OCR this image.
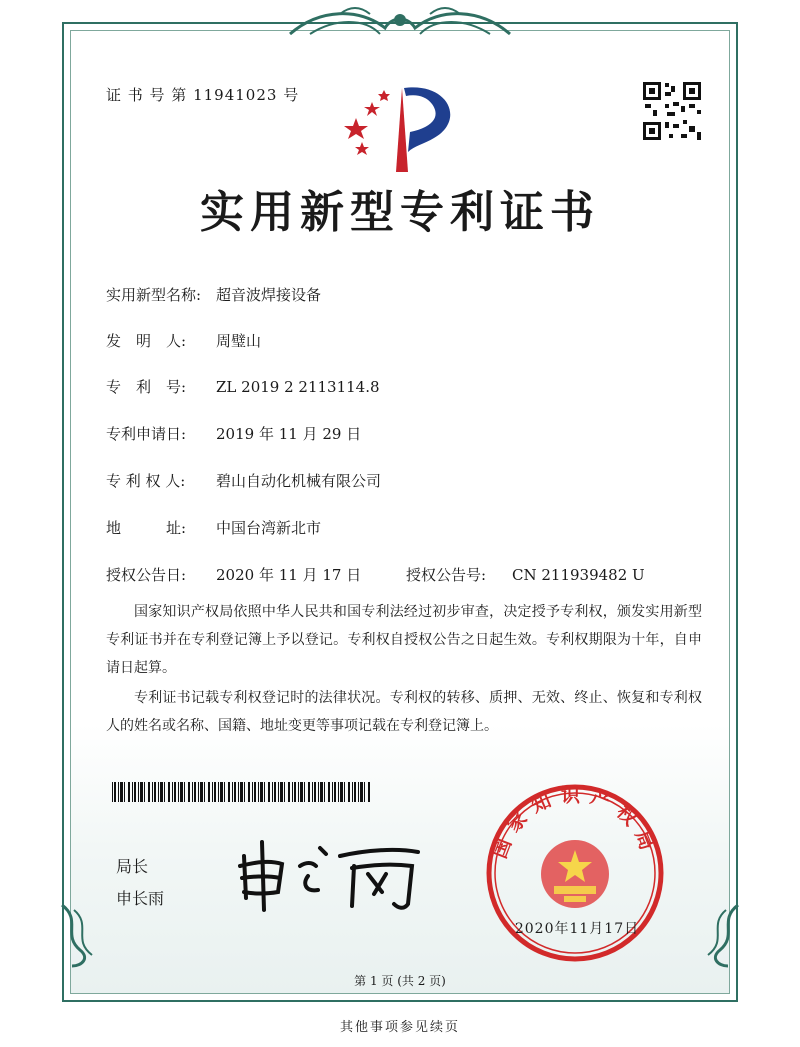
证 书 号 第 11941023 号
实用新型专利证书
实用新型名称: 超音波焊接设备
发　明　人: 周璧山
专　利　号: ZL 2019 2 2113114.8
专利申请日: 2019 年 11 月 29 日
专 利 权 人: 碧山自动化机械有限公司
地　　　址: 中国台湾新北市
授权公告日: 2020 年 11 月 17 日	授权公告号: CN 211939482 U
国家知识产权局依照中华人民共和国专利法经过初步审查，决定授予专利权，颁发实用新型专利证书并在专利登记簿上予以登记。专利权自授权公告之日起生效。专利权期限为十年，自申请日起算。
专利证书记载专利权登记时的法律状况。专利权的转移、质押、无效、终止、恢复和专利权人的姓名或名称、国籍、地址变更等事项记载在专利登记簿上。
局长
申长雨
国家知识产权局
2020年11月17日
第 1 页 (共 2 页)
其他事项参见续页
